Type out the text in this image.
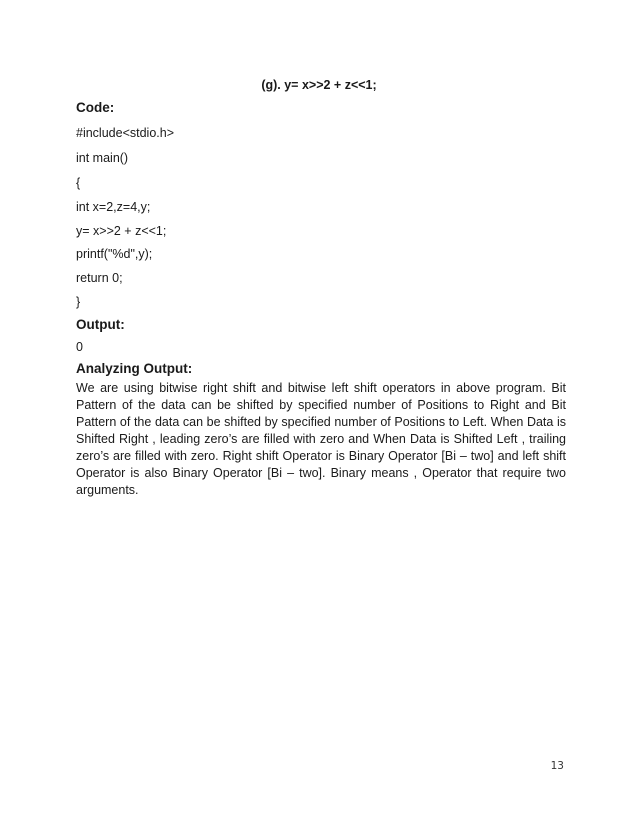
(g). y= x>>2 + z<<1;
Code:
#include<stdio.h>
int main()
{
int x=2,z=4,y;
y= x>>2 + z<<1;
printf("%d",y);
return 0;
}
Output:
0
Analyzing Output:
We are using bitwise right shift and bitwise left shift operators in above program. Bit Pattern of the data can be shifted by specified number of Positions to Right and Bit Pattern of the data can be shifted by specified number of Positions to Left. When Data is Shifted Right , leading zero’s are filled with zero and When Data is Shifted Left , trailing zero’s are filled with zero. Right shift Operator is Binary Operator [Bi – two] and left shift Operator is also Binary Operator [Bi – two]. Binary means , Operator that require two arguments.
13
